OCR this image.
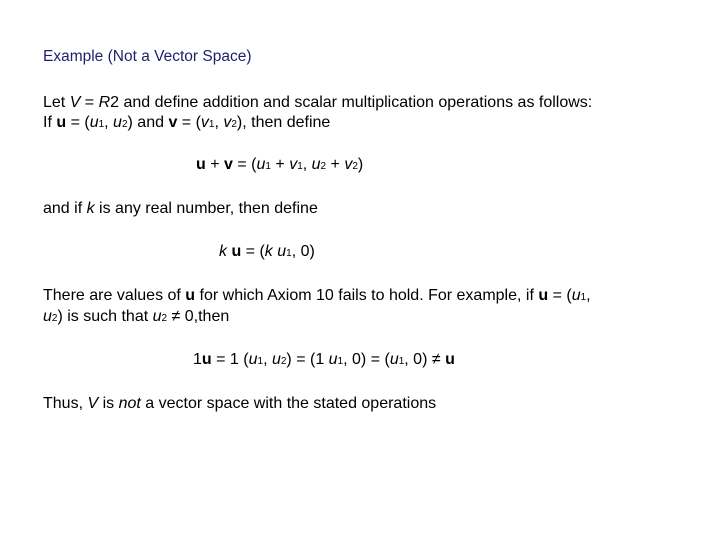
Example (Not a Vector Space)
Let V = R2 and define addition and scalar multiplication operations as follows:
If u = (u1, u2) and v = (v1, v2), then define
u + v = (u1 + v1, u2 + v2)
and if k is any real number, then define
k u = (k u1, 0)
There are values of u for which Axiom 10 fails to hold. For example, if u = (u1,
u2) is such that u2 ≠ 0,then
1u = 1 (u1, u2) = (1 u1, 0) = (u1, 0) ≠ u
Thus, V is not a vector space with the stated operations
